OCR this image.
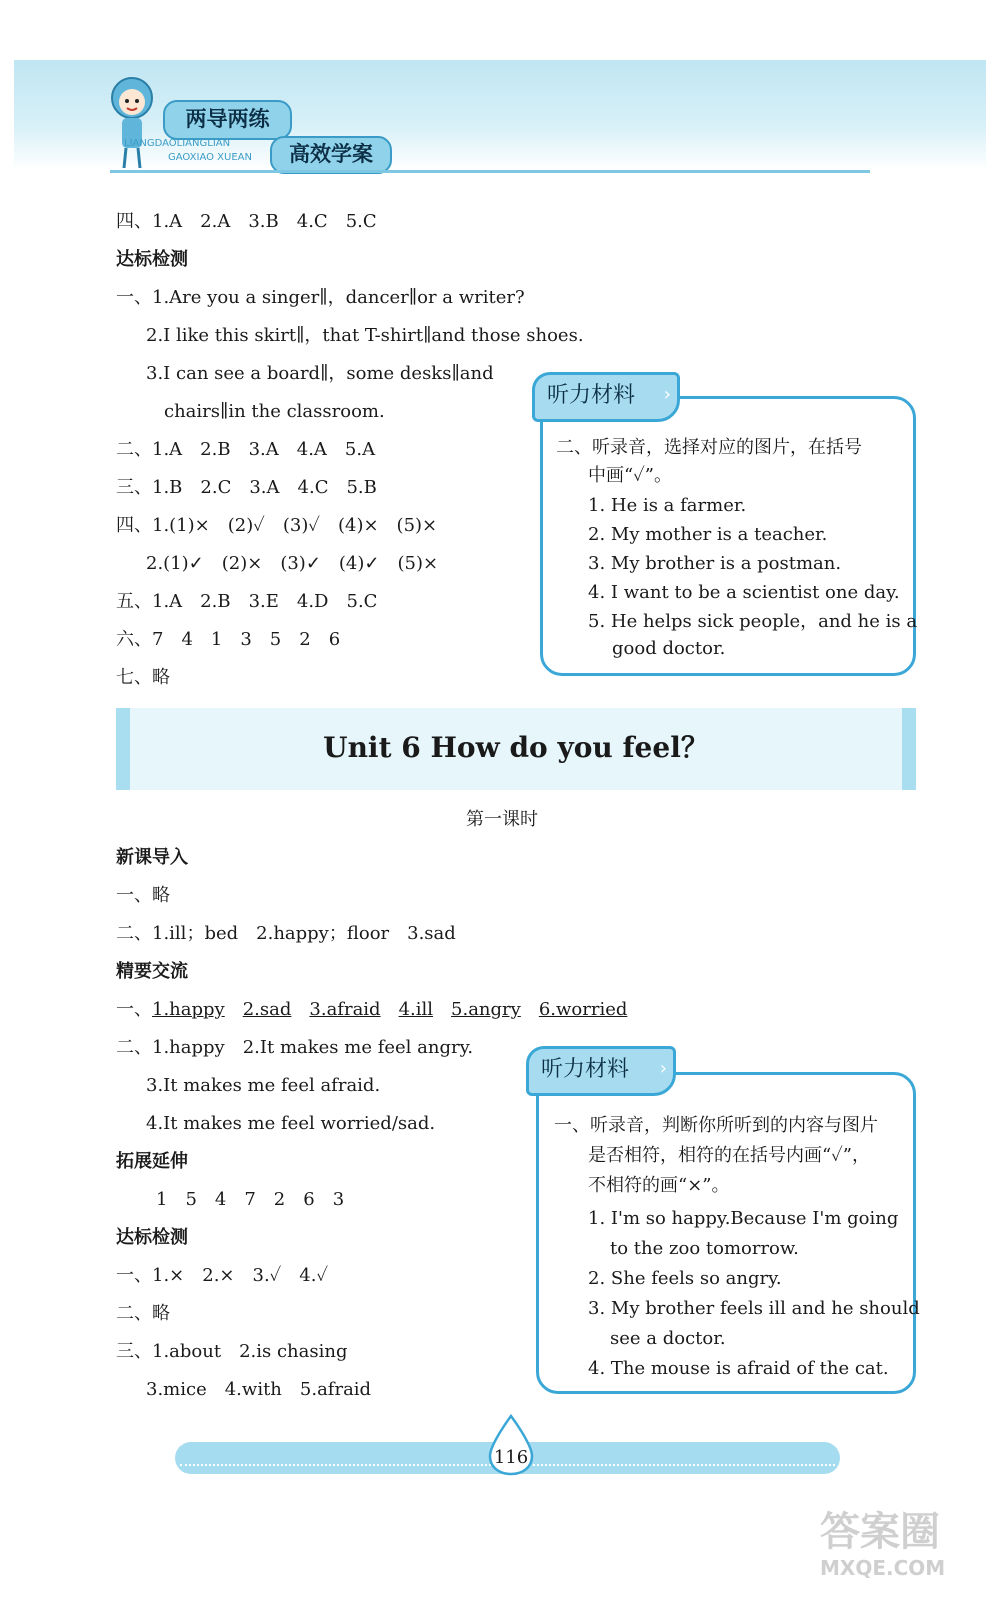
两导两练
LIANGDAOLIANGLIAN
GAOXIAO XUEAN	高效学案
四、1.A　2.A　3.B　4.C　5.C
达标检测
一、1.Are you a singer∥，dancer∥or a writer?
2.I like this skirt∥，that T-shirt∥and those shoes.
3.I can see a board∥，some desks∥and
chairs∥in the classroom.
二、1.A　2.B　3.A　4.A　5.A
三、1.B　2.C　3.A　4.C　5.B
四、1.(1)×　(2)✓　(3)✓　(4)×　(5)×
2.(1)✓　(2)×　(3)✓　(4)✓　(5)×
五、1.A　2.B　3.E　4.D　5.C
六、7　4　1　3　5　2　6
七、略
听力材料 ›
二、听录音，选择对应的图片，在括号
中画“✓”。
1. He is a farmer.
2. My mother is a teacher.
3. My brother is a postman.
4. I want to be a scientist one day.
5. He helps sick people，and he is a
good doctor.
Unit 6 How do you feel？
第一课时
新课导入
一、略
二、1.ill；bed　2.happy；floor　3.sad
精要交流
一、1.happy　 2.sad　 3.afraid　 4.ill　 5.angry　 6.worried
二、1.happy　2.It makes me feel angry.
3.It makes me feel afraid.
4.It makes me feel worried/sad.
拓展延伸
1　5　4　7　2　6　3
达标检测
一、1.×　2.×　3.✓　4.✓
二、略
三、1.about　2.is chasing
3.mice　4.with　5.afraid
听力材料 ›
一、听录音，判断你所听到的内容与图片
是否相符，相符的在括号内画“✓”，
不相符的画“×”。
1. I'm so happy.Because I'm going
to the zoo tomorrow.
2. She feels so angry.
3. My brother feels ill and he should
see a doctor.
4. The mouse is afraid of the cat.
116
答案圈
MXQE.COM
